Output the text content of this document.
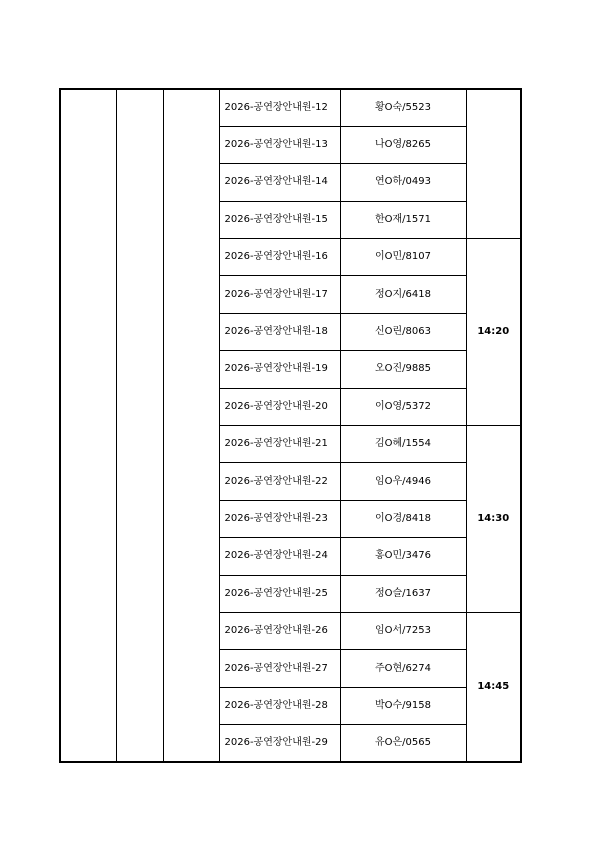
			2026-공연장안내원-12	황O숙/5523	
			2026-공연장안내원-13	나O영/8265	
			2026-공연장안내원-14	연O하/0493	
			2026-공연장안내원-15	한O재/1571	
			2026-공연장안내원-16	이O민/8107	14:20
			2026-공연장안내원-17	정O지/6418	
			2026-공연장안내원-18	신O린/8063	
			2026-공연장안내원-19	오O진/9885	
			2026-공연장안내원-20	이O영/5372	
			2026-공연장안내원-21	김O혜/1554	14:30
			2026-공연장안내원-22	임O우/4946	
			2026-공연장안내원-23	이O경/8418	
			2026-공연장안내원-24	홍O민/3476	
			2026-공연장안내원-25	정O슬/1637	
			2026-공연장안내원-26	임O서/7253	14:45
			2026-공연장안내원-27	주O현/6274	
			2026-공연장안내원-28	박O수/9158	
			2026-공연장안내원-29	유O은/0565	
